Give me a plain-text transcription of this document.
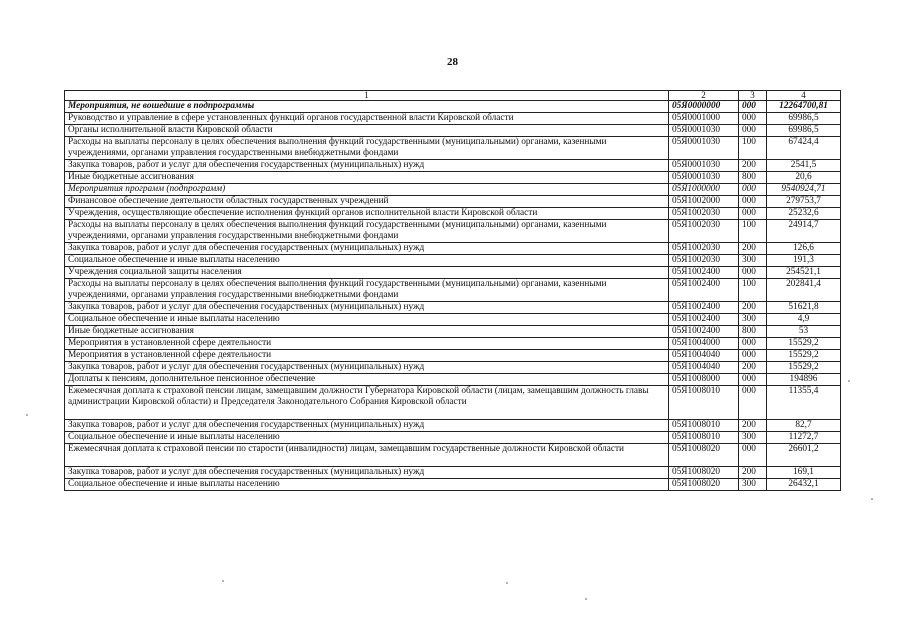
28
1	2	3	4
Мероприятия, не вошедшие в подпрограммы	05Я0000000	000	12264700,81
Руководство и управление в сфере установленных функций органов государственной власти Кировской области	05Я0001000	000	69986,5
Органы исполнительной власти Кировской области	05Я0001030	000	69986,5
Расходы на выплаты персоналу в целях обеспечения выполнения функций государственными (муниципальными) органами, казенными учреждениями, органами управления государственными внебюджетными фондами	05Я0001030	100	67424,4
Закупка товаров, работ и услуг для обеспечения государственных (муниципальных) нужд	05Я0001030	200	2541,5
Иные бюджетные ассигнования	05Я0001030	800	20,6
Мероприятия программ (подпрограмм)	05Я1000000	000	9540924,71
Финансовое обеспечение деятельности областных государственных учреждений	05Я1002000	000	279753,7
Учреждения, осуществляющие обеспечение исполнения функций органов исполнительной власти Кировской области	05Я1002030	000	25232,6
Расходы на выплаты персоналу в целях обеспечения выполнения функций государственными (муниципальными) органами, казенными учреждениями, органами управления государственными внебюджетными фондами	05Я1002030	100	24914,7
Закупка товаров, работ и услуг для обеспечения государственных (муниципальных) нужд	05Я1002030	200	126,6
Социальное обеспечение и иные выплаты населению	05Я1002030	300	191,3
Учреждения социальной защиты населения	05Я1002400	000	254521,1
Расходы на выплаты персоналу в целях обеспечения выполнения функций государственными (муниципальными) органами, казенными учреждениями, органами управления государственными внебюджетными фондами	05Я1002400	100	202841,4
Закупка товаров, работ и услуг для обеспечения государственных (муниципальных) нужд	05Я1002400	200	51621,8
Социальное обеспечение и иные выплаты населению	05Я1002400	300	4,9
Иные бюджетные ассигнования	05Я1002400	800	53
Мероприятия в установленной сфере деятельности	05Я1004000	000	15529,2
Мероприятия в установленной сфере деятельности	05Я1004040	000	15529,2
Закупка товаров, работ и услуг для обеспечения государственных (муниципальных) нужд	05Я1004040	200	15529,2
Доплаты к пенсиям, дополнительное пенсионное обеспечение	05Я1008000	000	194896
Ежемесячная доплата к страховой пенсии лицам, замещавшим должности Губернатора Кировской области (лицам, замещавшим должность главы администрации Кировской области) и Председателя Законодательного Собрания Кировской области	05Я1008010	000	11355,4
Закупка товаров, работ и услуг для обеспечения государственных (муниципальных) нужд	05Я1008010	200	82,7
Социальное обеспечение и иные выплаты населению	05Я1008010	300	11272,7
Ежемесячная доплата к страховой пенсии по старости (инвалидности) лицам, замещавшим государственные должности Кировской области	05Я1008020	000	26601,2
Закупка товаров, работ и услуг для обеспечения государственных (муниципальных) нужд	05Я1008020	200	169,1
Социальное обеспечение и иные выплаты населению	05Я1008020	300	26432,1
